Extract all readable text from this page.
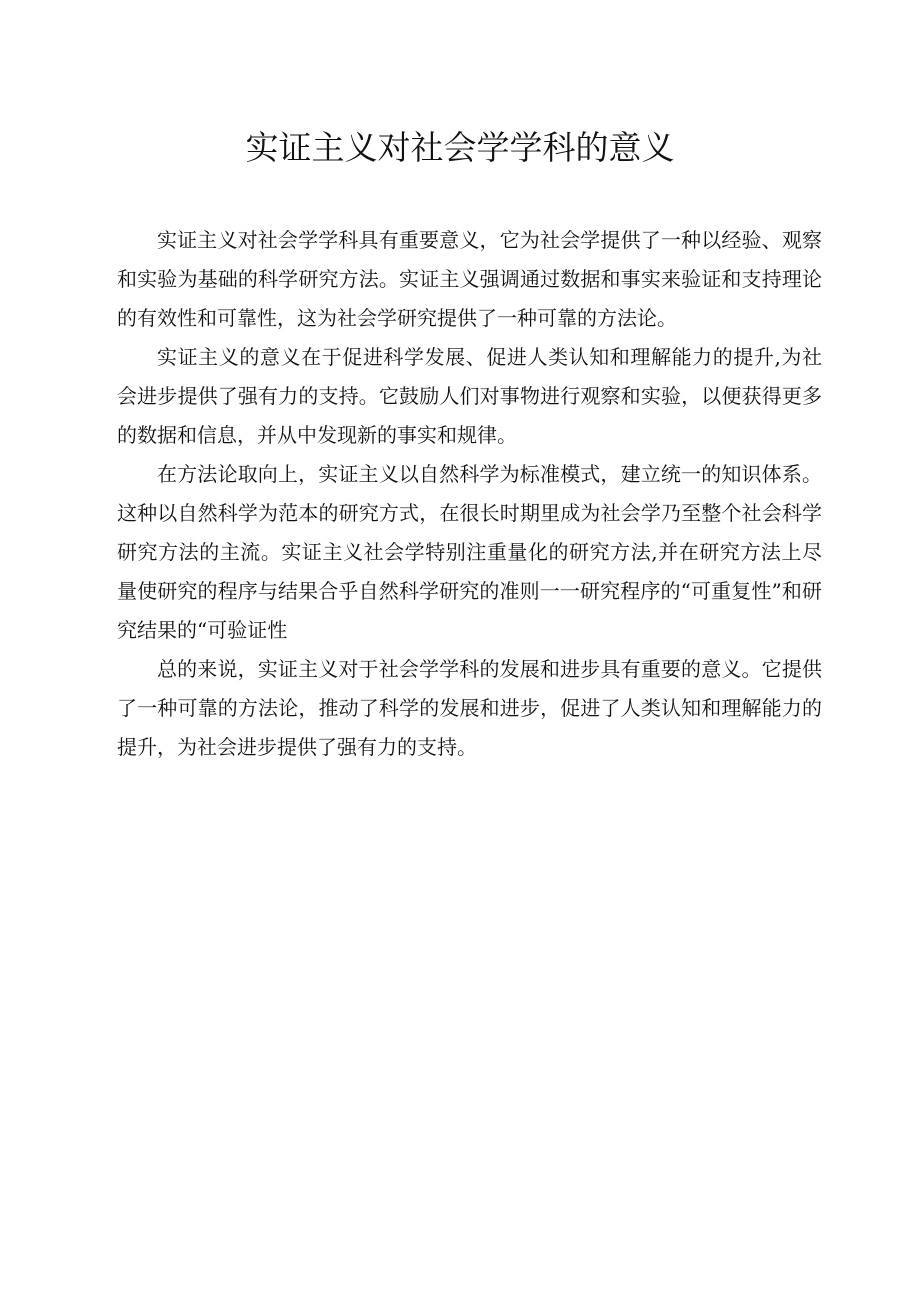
实证主义对社会学学科的意义

实证主义对社会学学科具有重要意义，它为社会学提供了一种以经验、观察和实验为基础的科学研究方法。实证主义强调通过数据和事实来验证和支持理论的有效性和可靠性，这为社会学研究提供了一种可靠的方法论。

实证主义的意义在于促进科学发展、促进人类认知和理解能力的提升,为社会进步提供了强有力的支持。它鼓励人们对事物进行观察和实验，以便获得更多的数据和信息，并从中发现新的事实和规律。

在方法论取向上，实证主义以自然科学为标准模式，建立统一的知识体系。这种以自然科学为范本的研究方式，在很长时期里成为社会学乃至整个社会科学研究方法的主流。实证主义社会学特别注重量化的研究方法,并在研究方法上尽量使研究的程序与结果合乎自然科学研究的准则一一研究程序的“可重复性”和研究结果的“可验证性

总的来说，实证主义对于社会学学科的发展和进步具有重要的意义。它提供了一种可靠的方法论，推动了科学的发展和进步，促进了人类认知和理解能力的提升，为社会进步提供了强有力的支持。
